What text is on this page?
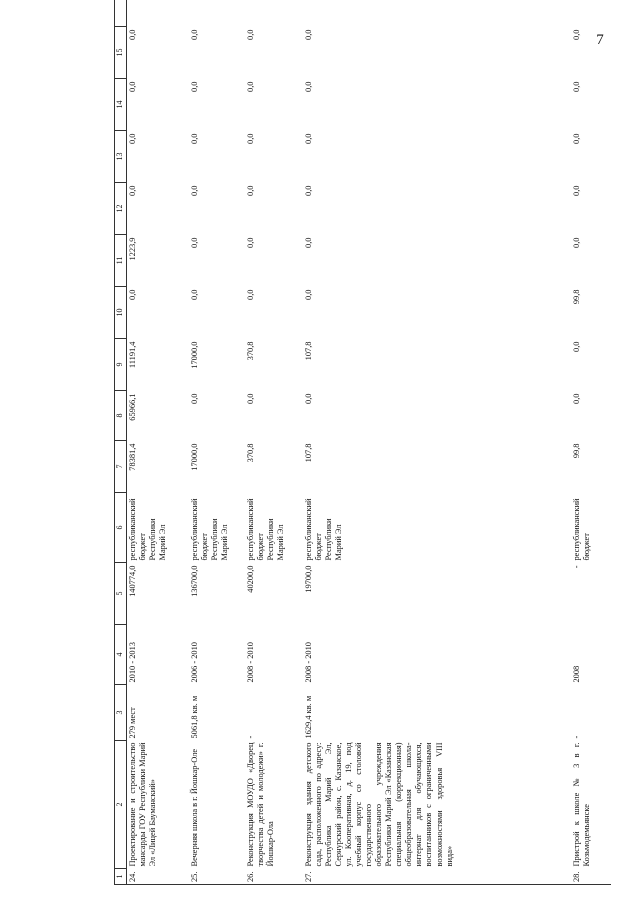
7
1	2	3	4	5	6	7	8	9	10	11	12	13	14	15	
24.	Проектирование и строительство мансарды ГОУ Республики Марий Эл «Лицей Бауманский»	279 мест	2010 - 2013	140774,0	республиканский бюджет Республики Марий Эл	78381,4	65966,1	11191,4	0,0	1223,9	0,0	0,0	0,0	0,0	
25.	Вечерняя школа в г. Йошкар-Оле	5061,8 кв. м	2006 - 2010	136700,0	республиканский бюджет Республики Марий Эл	17000,0	0,0	17000,0	0,0	0,0	0,0	0,0	0,0	0,0	
26.	Реконструкция МОУДО «Дворец творчества детей и молодежи» г. Йошкар-Ола	-	2008 - 2010	40200,0	республиканский бюджет Республики Марий Эл	370,8	0,0	370,8	0,0	0,0	0,0	0,0	0,0	0,0	
27.	Реконструкция здания детского сада, расположенного по адресу: Республика Марий Эл, Сернурский район, с. Казанское, ул. Кооперативная, д. 19, под учебный корпус со столовой государственного образовательного учреждения Республики Марий Эл «Казанская специальная (коррекционная) общеобразовательная школа-интернат для обучающихся, воспитанников с ограниченными возможностями здоровья VIII вида»	1629,4 кв. м	2008 - 2010	19700,0	республиканский бюджет Республики Марий Эл	107,8	0,0	107,8	0,0	0,0	0,0	0,0	0,0	0,0	
28.	Пристрой к школе № 3 в г. Козьмодемьянске	-	2008	-	республиканский бюджет	99,8	0,0	0,0	99,8	0,0	0,0	0,0	0,0	0,0	
